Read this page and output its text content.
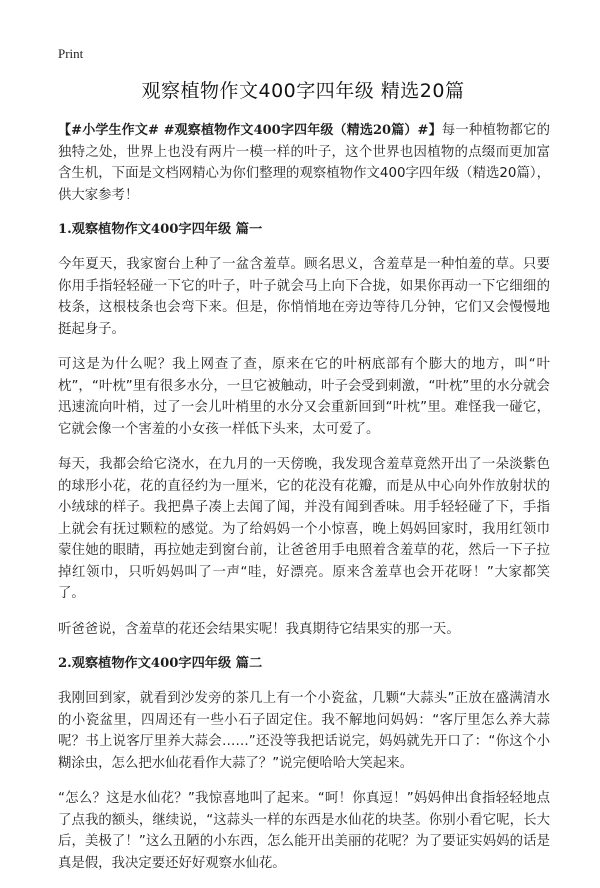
Print
观察植物作文400字四年级 精选20篇

【#小学生作文# #观察植物作文400字四年级（精选20篇）#】每一种植物都它的独特之处，世界上也没有两片一模一样的叶子，这个世界也因植物的点缀而更加富含生机，下面是文档网精心为你们整理的观察植物作文400字四年级（精选20篇），供大家参考！

1.观察植物作文400字四年级 篇一

今年夏天，我家窗台上种了一盆含羞草。顾名思义，含羞草是一种怕羞的草。只要你用手指轻轻碰一下它的叶子，叶子就会马上向下合拢，如果你再动一下它细细的枝条，这根枝条也会弯下来。但是，你悄悄地在旁边等待几分钟，它们又会慢慢地挺起身子。

可这是为什么呢？我上网查了查，原来在它的叶柄底部有个膨大的地方，叫“叶枕”，“叶枕”里有很多水分，一旦它被触动，叶子会受到刺激，“叶枕”里的水分就会迅速流向叶梢，过了一会儿叶梢里的水分又会重新回到“叶枕”里。难怪我一碰它，它就会像一个害羞的小女孩一样低下头来，太可爱了。

每天，我都会给它浇水，在九月的一天傍晚，我发现含羞草竟然开出了一朵淡紫色的球形小花，花的直径约为一厘米，它的花没有花瓣，而是从中心向外作放射状的小绒球的样子。我把鼻子凑上去闻了闻，并没有闻到香味。用手轻轻碰了下，手指上就会有抚过颗粒的感觉。为了给妈妈一个小惊喜，晚上妈妈回家时，我用红领巾蒙住她的眼睛，再拉她走到窗台前，让爸爸用手电照着含羞草的花，然后一下子拉掉红领巾，只听妈妈叫了一声“哇，好漂亮。原来含羞草也会开花呀！”大家都笑了。

听爸爸说，含羞草的花还会结果实呢！我真期待它结果实的那一天。

2.观察植物作文400字四年级 篇二

我刚回到家，就看到沙发旁的茶几上有一个小瓷盆，几颗“大蒜头”正放在盛满清水的小瓷盆里，四周还有一些小石子固定住。我不解地问妈妈：“客厅里怎么养大蒜呢？书上说客厅里养大蒜会……”还没等我把话说完，妈妈就先开口了：“你这个小糊涂虫，怎么把水仙花看作大蒜了？”说完便哈哈大笑起来。

“怎么？这是水仙花？”我惊喜地叫了起来。“呵！你真逗！”妈妈伸出食指轻轻地点了点我的额头，继续说，“这蒜头一样的东西是水仙花的块茎。你别小看它呢，长大后，美极了！”这么丑陋的小东西，怎么能开出美丽的花呢？为了要证实妈妈的话是真是假，我决定要还好好观察水仙花。
